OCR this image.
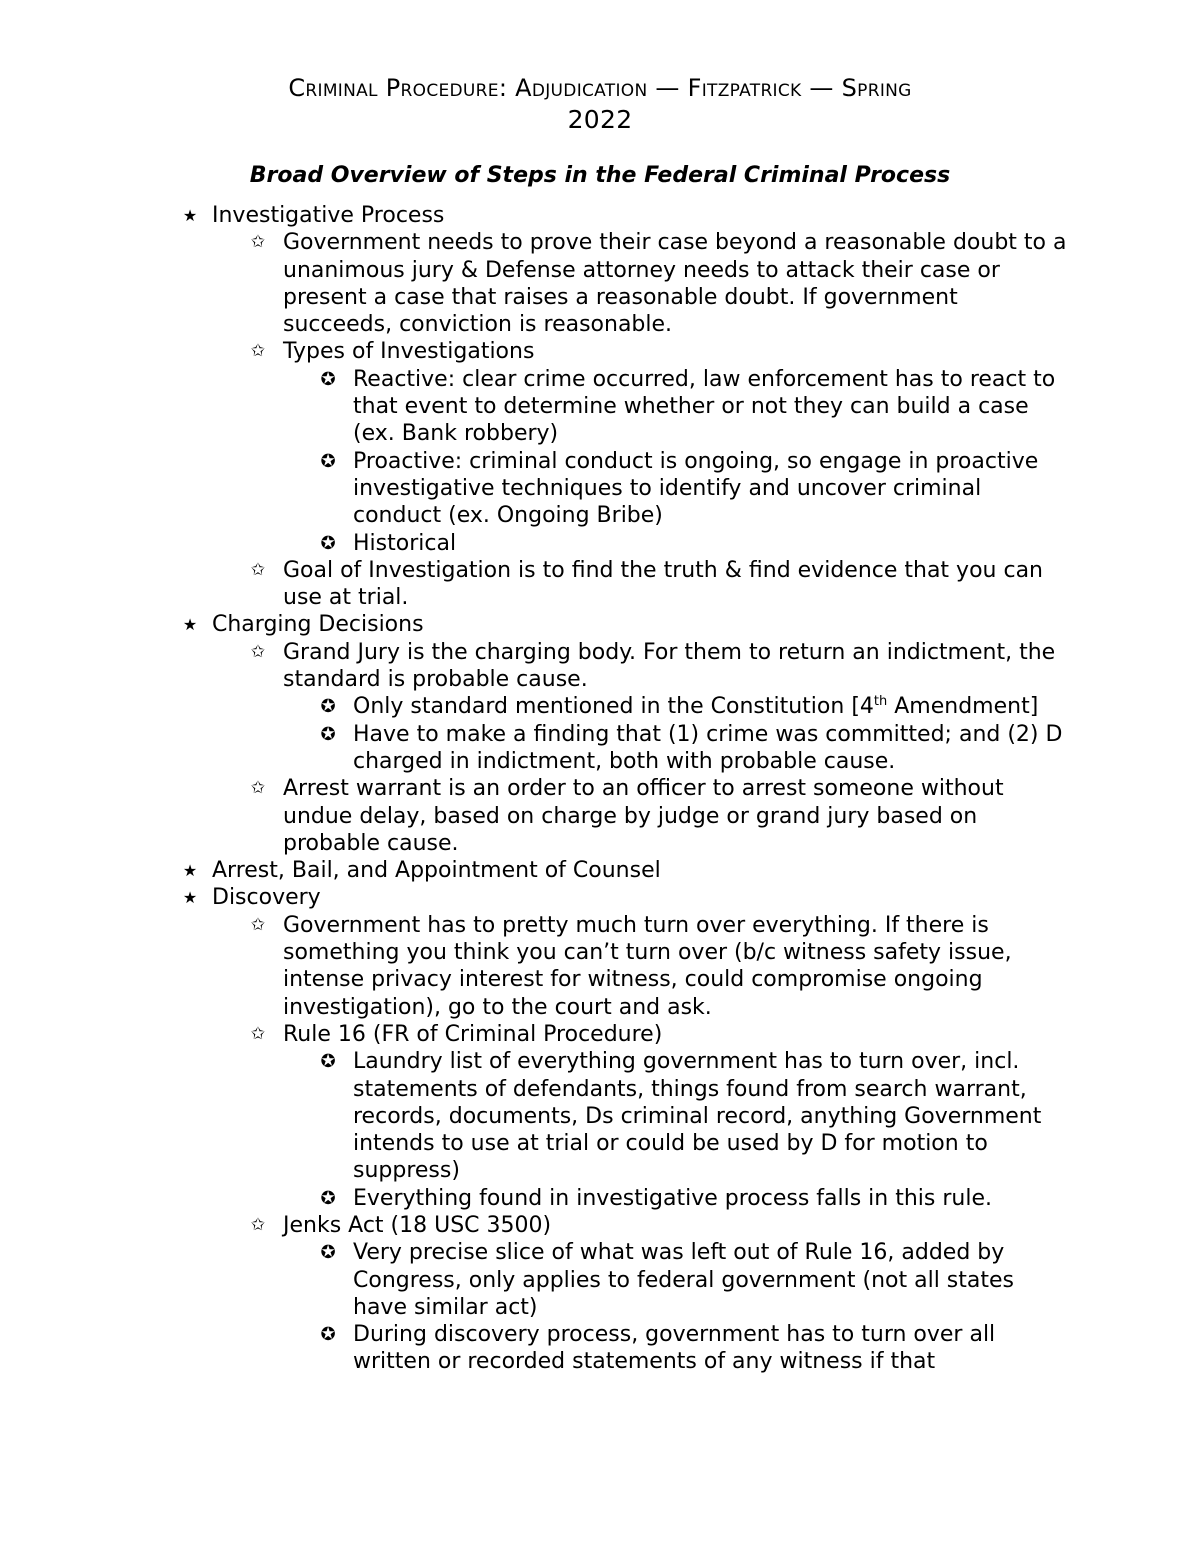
Criminal Procedure: Adjudication — Fitzpatrick — Spring
2022
Broad Overview of Steps in the Federal Criminal Process
★ Investigative Process
✩ Government needs to prove their case beyond a reasonable doubt to a unanimous jury & Defense attorney needs to attack their case or present a case that raises a reasonable doubt. If government succeeds, conviction is reasonable.
✩ Types of Investigations
✪ Reactive: clear crime occurred, law enforcement has to react to that event to determine whether or not they can build a case (ex. Bank robbery)
✪ Proactive: criminal conduct is ongoing, so engage in proactive investigative techniques to identify and uncover criminal conduct (ex. Ongoing Bribe)
✪ Historical
✩ Goal of Investigation is to find the truth & find evidence that you can use at trial.
★ Charging Decisions
✩ Grand Jury is the charging body. For them to return an indictment, the standard is probable cause.
✪ Only standard mentioned in the Constitution [4th Amendment]
✪ Have to make a finding that (1) crime was committed; and (2) D charged in indictment, both with probable cause.
✩ Arrest warrant is an order to an officer to arrest someone without undue delay, based on charge by judge or grand jury based on probable cause.
★ Arrest, Bail, and Appointment of Counsel
★ Discovery
✩ Government has to pretty much turn over everything. If there is something you think you can’t turn over (b/c witness safety issue, intense privacy interest for witness, could compromise ongoing investigation), go to the court and ask.
✩ Rule 16 (FR of Criminal Procedure)
✪ Laundry list of everything government has to turn over, incl. statements of defendants, things found from search warrant, records, documents, Ds criminal record, anything Government intends to use at trial or could be used by D for motion to suppress)
✪ Everything found in investigative process falls in this rule.
✩ Jenks Act (18 USC 3500)
✪ Very precise slice of what was left out of Rule 16, added by Congress, only applies to federal government (not all states have similar act)
✪ During discovery process, government has to turn over all written or recorded statements of any witness if that
